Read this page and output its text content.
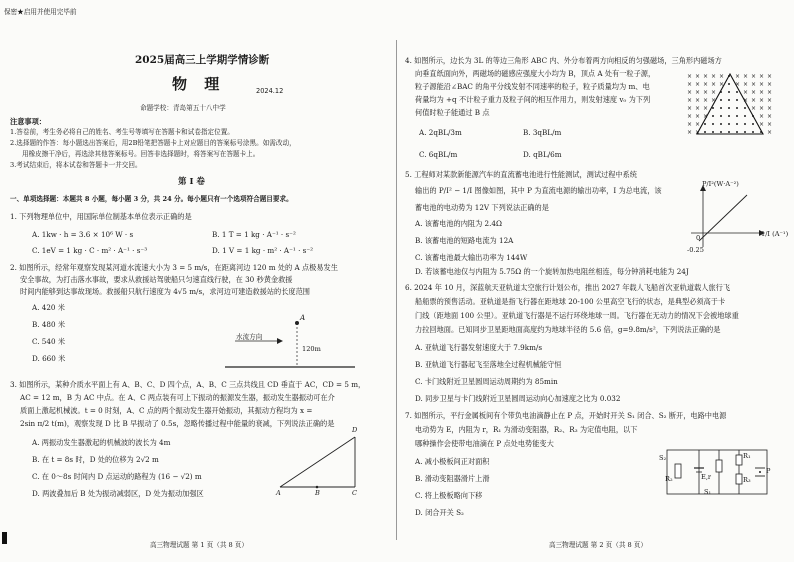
保密★启用并使用完毕前
2025届高三上学期学情诊断
物 理	2024.12
命题学校：青岛第五十八中学
注意事项：
1.答卷前，考生务必将自己的姓名、考生号等填写在答题卡和试卷指定位置。
2.选择题的作答：每小题选出答案后，用2B铅笔把答题卡上对应题目的答案标号涂黑。如需改动，
用橡皮擦干净后，再选涂其他答案标号。回答非选择题时，将答案写在答题卡上。
3.考试结束后，将本试卷和答题卡一并交回。
第 Ⅰ 卷
一、单项选择题：本题共 8 小题，每小题 3 分，共 24 分。每小题只有一个选项符合题目要求。
1. 下列物理单位中，用国际单位制基本单位表示正确的是
A. 1kw · h = 3.6 × 10⁶ W · s	B. 1 T = 1 kg · A⁻¹ · s⁻²
C. 1eV = 1 kg · C · m² · A⁻¹ · s⁻³	D. 1 V = 1 kg · m² · A⁻¹ · s⁻²
2. 如图所示，经常年观察发现某河道水流速大小为 3 = 5 m/s，在距离河边 120 m 处的 A 点极易发生
安全事故，为打击落水事故，要求从救援站驾驶船只匀速直线行驶，在 30 秒黄金救援
时间内能够到达事故现场。救援船只航行速度为 4√5 m/s，求河边可建造救援站的长度范围
A. 420 米
B. 480 米
C. 540 米
D. 660 米
水流方向
A
120m
3. 如图所示，某种介质水平面上有 A、B、C、D 四个点，A、B、C 三点共线且 CD 垂直于 AC，CD = 5 m，
AC = 12 m，B 为 AC 中点。在 A、C 两点装有可上下振动的振源发生器，振动发生器振动可在介
质面上激起机械波。t = 0 时刻，A、C 点的两个振动发生器开始振动，其振动方程均为 x =
2sin π/2 t(m)，观察发现 D 比 B 早振动了 0.5s，忽略传播过程中能量的衰减，下列说法正确的是
A. 两振动发生器激起的机械波的波长为 4m
B. 在 t = 8s 时，D 处的位移为 2√2 m
C. 在 0～8s 时间内 D 点运动的路程为 (16 − √2) m
D. 两波叠加后 B 处为振动减弱区，D 处为振动加强区	A	B	C
D
高三物理试题 第 1 页（共 8 页）
4. 如图所示，边长为 3L 的等边三角形 ABC 内、外分布着两方向相反的匀强磁场，三角形内磁场方
向垂直纸面向外，两磁场的磁感应强度大小均为 B，顶点 A 处有一粒子源，
粒子源能沿∠BAC 的角平分线发射不同速率的粒子，粒子质量均为 m、电
荷量均为 +q 不计粒子重力及粒子间的相互作用力，则发射速度 v₀ 为下列
何值时粒子能通过 B 点
A. 2qBL/3m	B. 3qBL/m
C. 6qBL/m	D. qBL/6m
× × × × × × × × × ×
× × × × × × × × × ×
× × × ×	× × × ×
× × × ×	× × × ×
× × ×	× × ×
× × ×	× ×
× ×	× ×
× ×	×
5. 工程师对某款新能源汽车的直流蓄电池进行性能测试，测试过程中系统
输出的 P/I² − 1/I 图像如图，其中 P 为直流电源的输出功率，I 为总电流，该
蓄电池的电动势为 12V 下列说法正确的是
A. 该蓄电池的内阻为 2.4Ω
B. 该蓄电池的短路电流为 12A
C. 该蓄电池最大输出功率为 144W
D. 若该蓄电池仅与内阻为 5.75Ω 的一个旋转加热电阻丝相连，每分钟消耗电能为 24J
P/I²(W·A⁻²)
1/I (A⁻¹)
0
-0.25
6. 2024 年 10 月，深蓝航天亚轨道太空旅行计划公布，推出 2027 年载人飞船首次亚轨道载人旅行飞
船船票的预售活动。亚轨道是指飞行器在距地球 20-100 公里高空飞行的状态，是典型必须高于卡
门线（距地面 100 公里）。亚轨道飞行器是不运行环绕地球一周。飞行器在无动力的情况下会被地球重
力拉回地面。已知同步卫星距地面高度约为地球半径的 5.6 倍，g=9.8m/s²，下列说法正确的是
A. 亚轨道飞行器发射速度大于 7.9km/s
B. 亚轨道飞行器起飞至落地全过程机械能守恒
C. 卡门线附近卫星圆周运动周期约为 85min
D. 同步卫星与卡门线附近卫星圆周运动向心加速度之比为 0.032
7. 如图所示，平行金属板间有个带负电油滴静止在 P 点，开始时开关 S₁ 闭合、S₂ 断开，电路中电源
电动势为 E，内阻为 r，R₁ 为滑动变阻器，R₂、R₃ 为定值电阻，以下
哪种操作会使带电油滴在 P 点处电势能变大
A. 减小极板间正对面积
B. 滑动变阻器滑片上滑
C. 将上极板略向下移
D. 闭合开关 S₂
S₂	R₁
R₂	R₃
E,r
S₁
P
高三物理试题 第 2 页（共 8 页）
